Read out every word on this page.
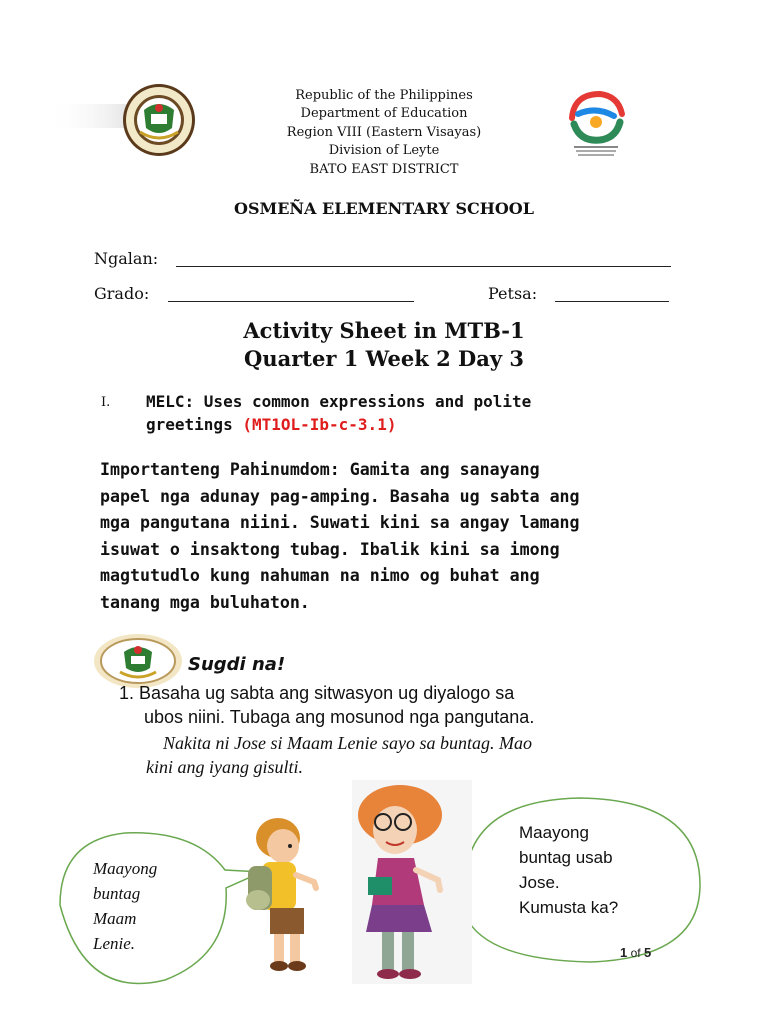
Republic of the Philippines
Department of Education
Region VIII (Eastern Visayas)
Division of Leyte
BATO EAST DISTRICT
OSMEÑA ELEMENTARY SCHOOL
Ngalan:
Grado:	Petsa:
Activity Sheet in MTB-1
Quarter 1 Week 2 Day 3
I. MELC: Uses common expressions and polite
greetings (MT1OL-Ib-c-3.1)
Importanteng Pahinumdom: Gamita ang sanayang
papel nga adunay pag-amping. Basaha ug sabta ang
mga pangutana niini. Suwati kini sa angay lamang
isuwat o insaktong tubag. Ibalik kini sa imong
magtutudlo kung nahuman na nimo og buhat ang
tanang mga buluhaton.
Sugdi na!
1. Basaha ug sabta ang sitwasyon ug diyalogo sa
ubos niini. Tubaga ang mosunod nga pangutana.
Nakita ni Jose si Maam Lenie sayo sa buntag. Mao
kini ang iyang gisulti.
Maayong
buntag
Maam
Lenie.
Maayong
buntag usab
Jose.
Kumusta ka?
1 of 5
